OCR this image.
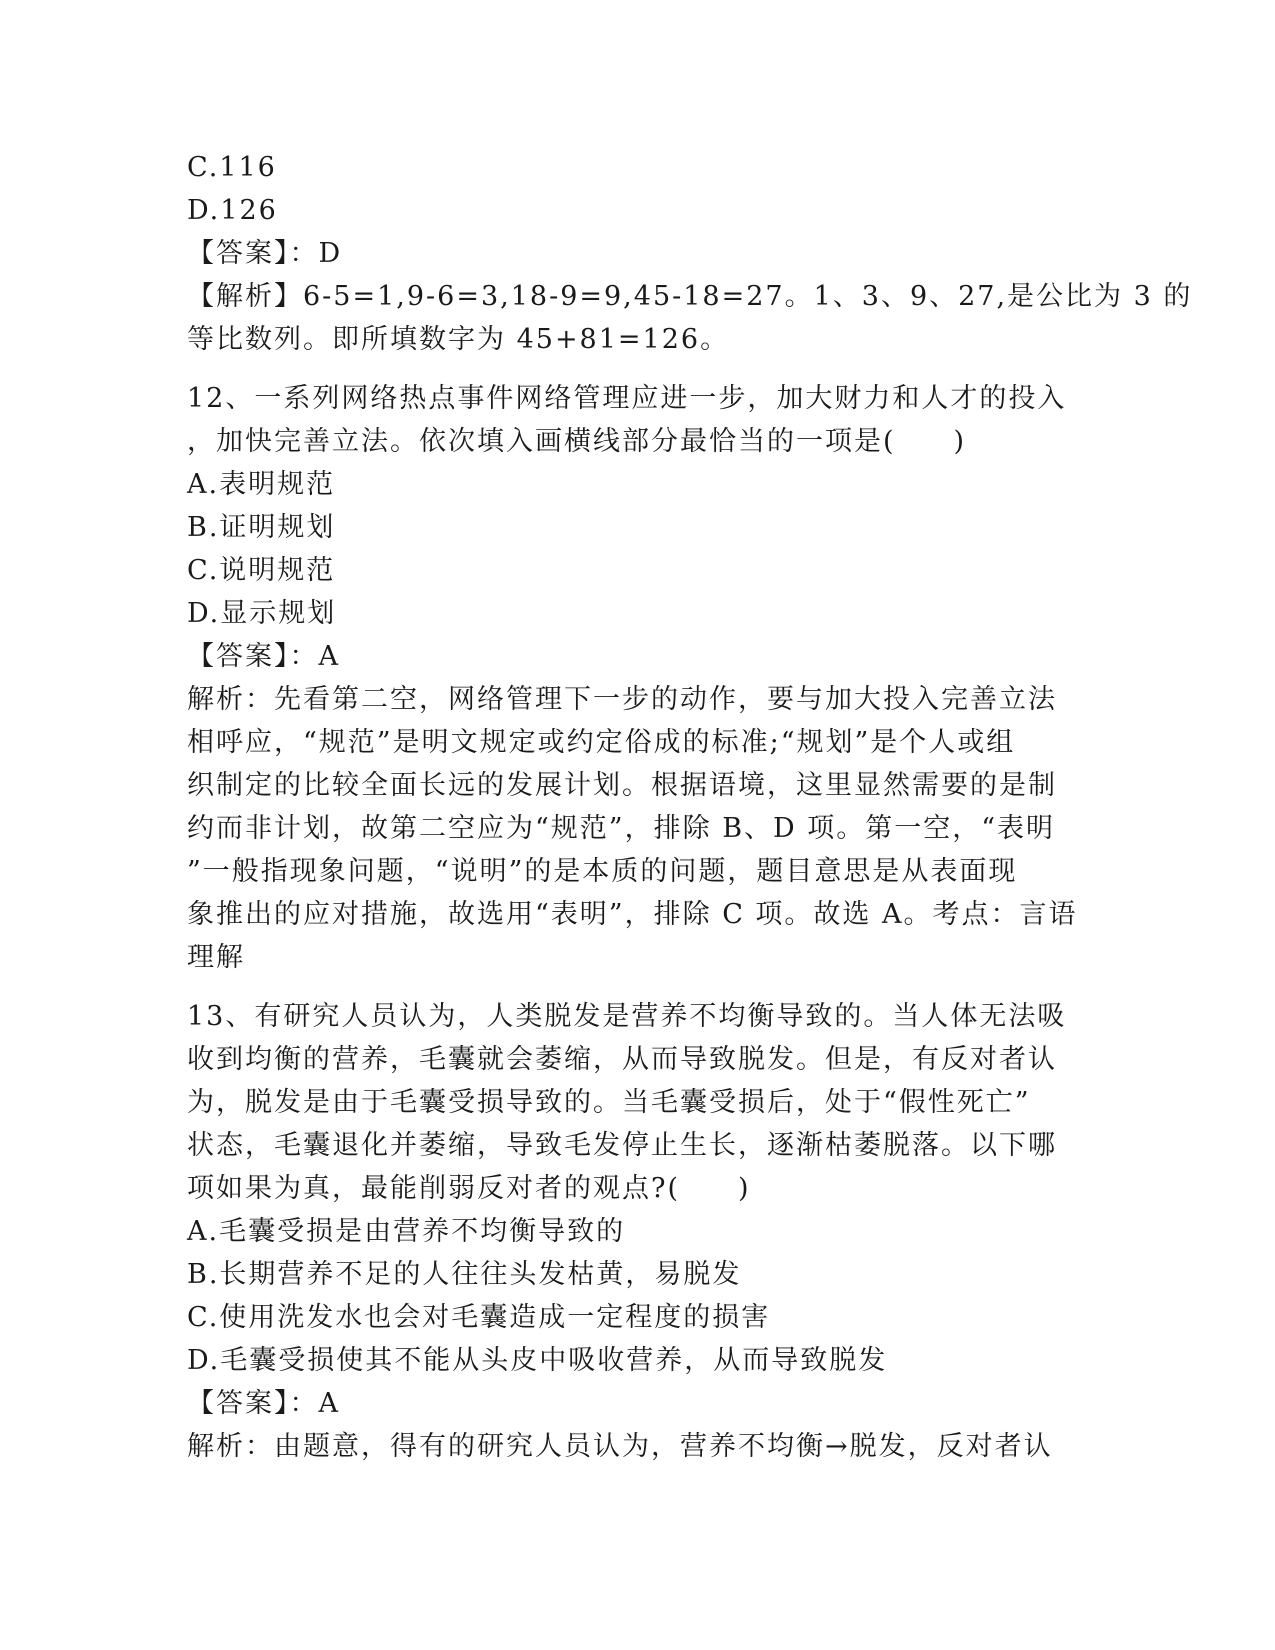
C.116
D.126
【答案】：D
【解析】6-5=1,9-6=3,18-9=9,45-18=27。1、3、9、27,是公比为 3 的
等比数列。即所填数字为 45+81=126。
12、一系列网络热点事件网络管理应进一步，加大财力和人才的投入
，加快完善立法。依次填入画横线部分最恰当的一项是(　　)
A.表明规范
B.证明规划
C.说明规范
D.显示规划
【答案】：A
解析：先看第二空，网络管理下一步的动作，要与加大投入完善立法
相呼应，“规范”是明文规定或约定俗成的标准;“规划”是个人或组
织制定的比较全面长远的发展计划。根据语境，这里显然需要的是制
约而非计划，故第二空应为“规范”，排除 B、D 项。第一空，“表明
”一般指现象问题，“说明”的是本质的问题，题目意思是从表面现
象推出的应对措施，故选用“表明”，排除 C 项。故选 A。考点：言语
理解
13、有研究人员认为，人类脱发是营养不均衡导致的。当人体无法吸
收到均衡的营养，毛囊就会萎缩，从而导致脱发。但是，有反对者认
为，脱发是由于毛囊受损导致的。当毛囊受损后，处于“假性死亡”
状态，毛囊退化并萎缩，导致毛发停止生长，逐渐枯萎脱落。以下哪
项如果为真，最能削弱反对者的观点?(　　)
A.毛囊受损是由营养不均衡导致的
B.长期营养不足的人往往头发枯黄，易脱发
C.使用洗发水也会对毛囊造成一定程度的损害
D.毛囊受损使其不能从头皮中吸收营养，从而导致脱发
【答案】：A
解析：由题意，得有的研究人员认为，营养不均衡→脱发，反对者认
